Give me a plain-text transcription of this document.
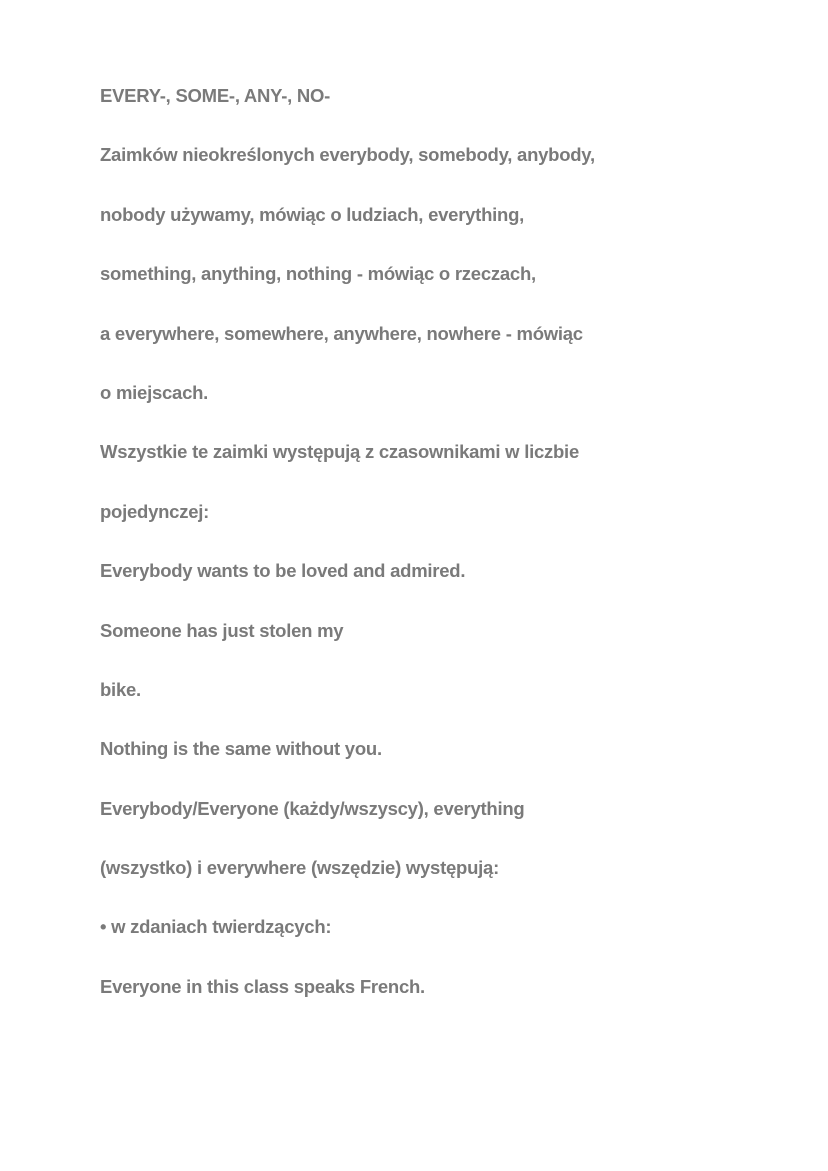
EVERY-, SOME-, ANY-, NO-
Zaimków nieokreślonych everybody, somebody, anybody,
nobody używamy, mówiąc o ludziach, everything,
something, anything, nothing - mówiąc o rzeczach,
a everywhere, somewhere, anywhere, nowhere - mówiąc
o miejscach.
Wszystkie te zaimki występują z czasownikami w liczbie
pojedynczej:
Everybody wants to be loved and admired.
Someone has just stolen my
bike.
Nothing is the same without you.
Everybody/Everyone (każdy/wszyscy), everything
(wszystko) i everywhere (wszędzie) występują:
• w zdaniach twierdzących:
Everyone in this class speaks French.
